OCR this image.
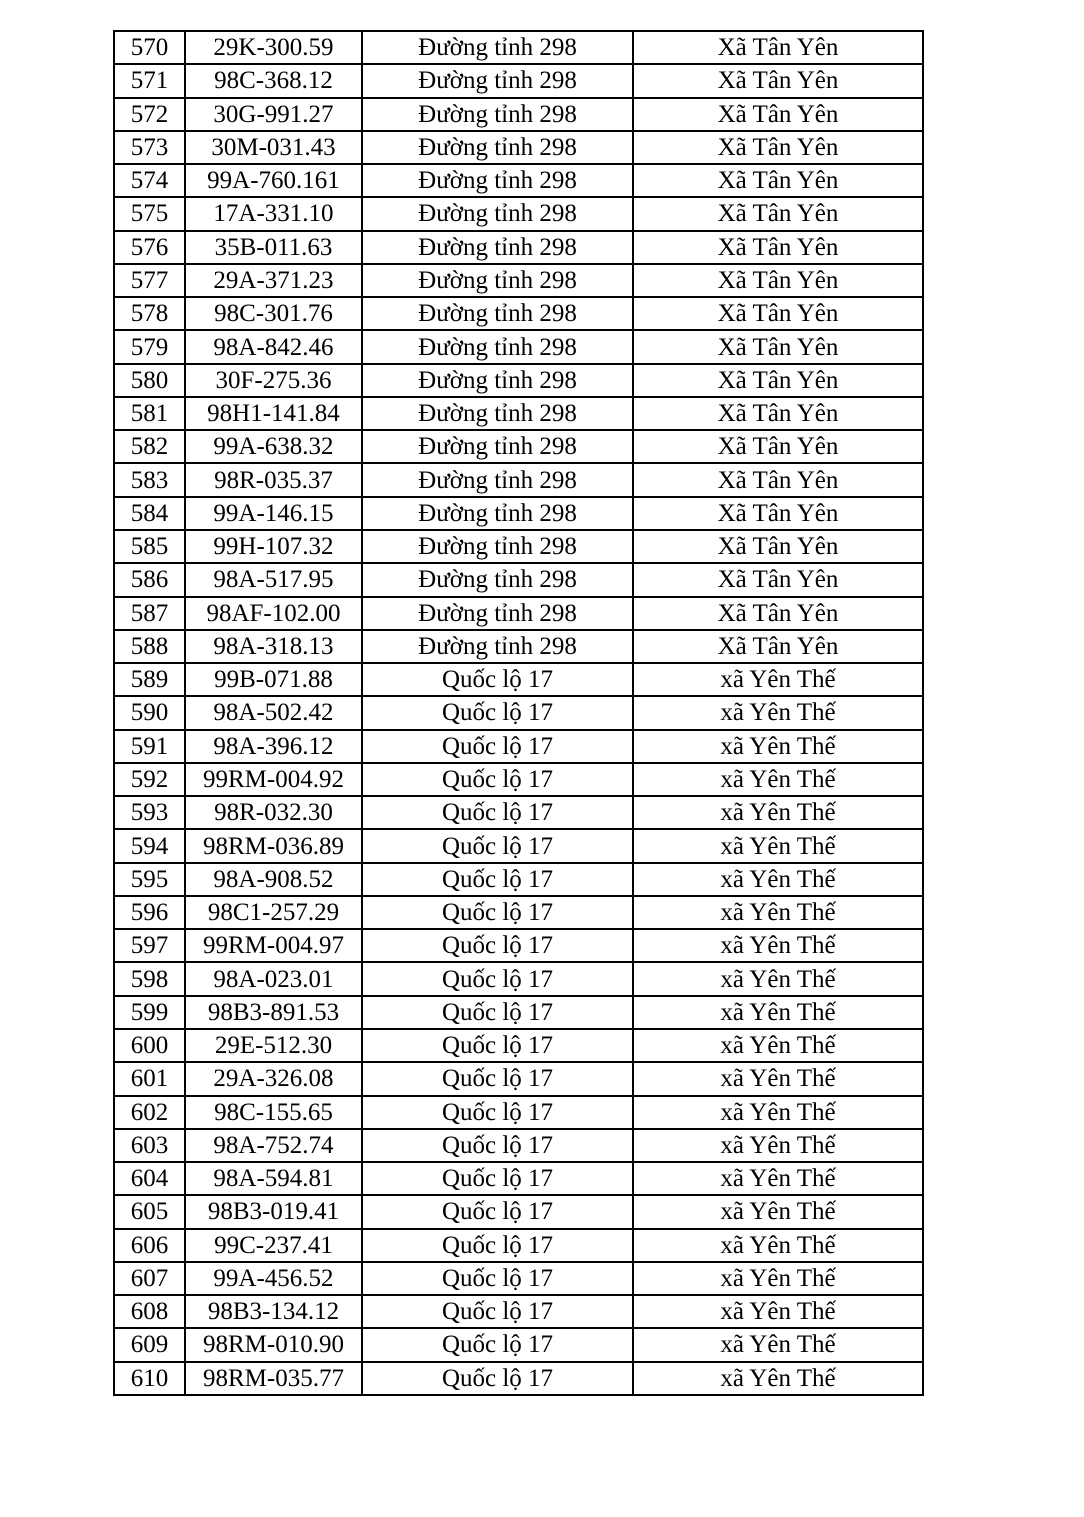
570	29K-300.59	Đường tỉnh 298	Xã Tân Yên
571	98C-368.12	Đường tỉnh 298	Xã Tân Yên
572	30G-991.27	Đường tỉnh 298	Xã Tân Yên
573	30M-031.43	Đường tỉnh 298	Xã Tân Yên
574	99A-760.161	Đường tỉnh 298	Xã Tân Yên
575	17A-331.10	Đường tỉnh 298	Xã Tân Yên
576	35B-011.63	Đường tỉnh 298	Xã Tân Yên
577	29A-371.23	Đường tỉnh 298	Xã Tân Yên
578	98C-301.76	Đường tỉnh 298	Xã Tân Yên
579	98A-842.46	Đường tỉnh 298	Xã Tân Yên
580	30F-275.36	Đường tỉnh 298	Xã Tân Yên
581	98H1-141.84	Đường tỉnh 298	Xã Tân Yên
582	99A-638.32	Đường tỉnh 298	Xã Tân Yên
583	98R-035.37	Đường tỉnh 298	Xã Tân Yên
584	99A-146.15	Đường tỉnh 298	Xã Tân Yên
585	99H-107.32	Đường tỉnh 298	Xã Tân Yên
586	98A-517.95	Đường tỉnh 298	Xã Tân Yên
587	98AF-102.00	Đường tỉnh 298	Xã Tân Yên
588	98A-318.13	Đường tỉnh 298	Xã Tân Yên
589	99B-071.88	Quốc lộ 17	xã Yên Thế
590	98A-502.42	Quốc lộ 17	xã Yên Thế
591	98A-396.12	Quốc lộ 17	xã Yên Thế
592	99RM-004.92	Quốc lộ 17	xã Yên Thế
593	98R-032.30	Quốc lộ 17	xã Yên Thế
594	98RM-036.89	Quốc lộ 17	xã Yên Thế
595	98A-908.52	Quốc lộ 17	xã Yên Thế
596	98C1-257.29	Quốc lộ 17	xã Yên Thế
597	99RM-004.97	Quốc lộ 17	xã Yên Thế
598	98A-023.01	Quốc lộ 17	xã Yên Thế
599	98B3-891.53	Quốc lộ 17	xã Yên Thế
600	29E-512.30	Quốc lộ 17	xã Yên Thế
601	29A-326.08	Quốc lộ 17	xã Yên Thế
602	98C-155.65	Quốc lộ 17	xã Yên Thế
603	98A-752.74	Quốc lộ 17	xã Yên Thế
604	98A-594.81	Quốc lộ 17	xã Yên Thế
605	98B3-019.41	Quốc lộ 17	xã Yên Thế
606	99C-237.41	Quốc lộ 17	xã Yên Thế
607	99A-456.52	Quốc lộ 17	xã Yên Thế
608	98B3-134.12	Quốc lộ 17	xã Yên Thế
609	98RM-010.90	Quốc lộ 17	xã Yên Thế
610	98RM-035.77	Quốc lộ 17	xã Yên Thế
